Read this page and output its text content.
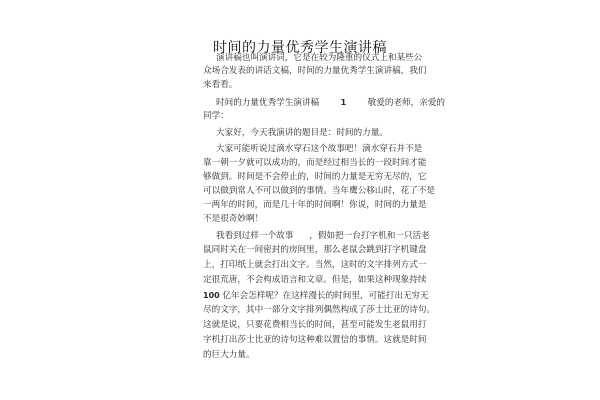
时间的力量优秀学生演讲稿
演讲稿也叫演讲词，它是在较为隆重的仪式上和某些公
众场合发表的讲话文稿，时间的力量优秀学生演讲稿，我们
来看看。
时间的力量优秀学生演讲稿	1 敬爱的老师，亲爱的
同学：
大家好，今天我演讲的题目是：时间的力量。
大家可能听说过滴水穿石这个故事吧！滴水穿石并不是
靠一朝一夕就可以成功的，而是经过相当长的一段时间才能
够做到。时间是不会停止的，时间的力量是无穷无尽的，它
可以做到常人不可以做到的事情。当年鹰公移山时，花了不是
一两年的时间，而是几十年的时间啊！你说，时间的力量是
不是很奇妙啊！
我看到过样一个故事 ，假如把一台打字机和一只活老
鼠同时关在一间密封的房间里，那么老鼠会跳到打字机键盘
上，打印纸上就会打出文字。当然，这时的文字排列方式一
定很荒唐，不会构成语言和文章。但是，如果这种现象持续
100 亿年会怎样呢？在这样漫长的时间里，可能打出无穷无
尽的文字，其中一部分文字排列偶然构成了莎士比亚的诗句。
这就是说，只要花费相当长的时间，甚至可能发生老鼠用打
字机打出莎士比亚的诗句这种难以置信的事情。这就是时间
的巨大力量。
